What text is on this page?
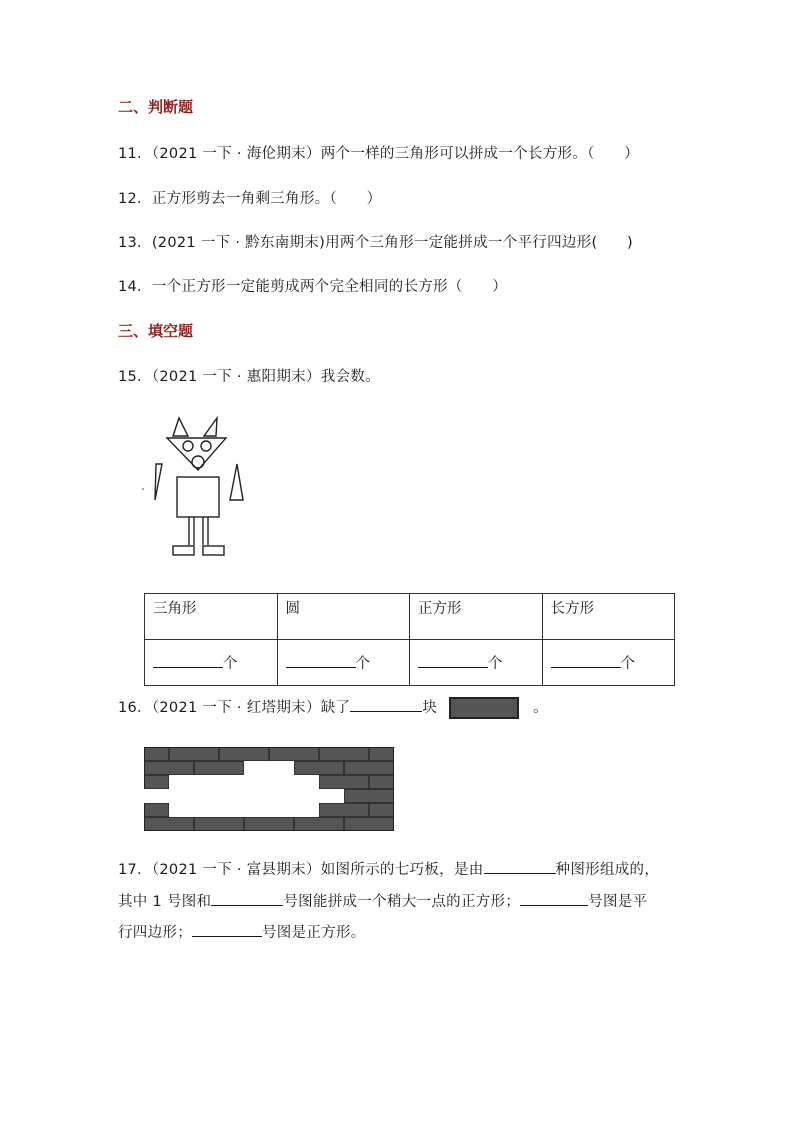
二、判断题
11．（2021 一下 · 海伦期末）两个一样的三角形可以拼成一个长方形。（　　）
12．正方形剪去一角剩三角形。（　　）
13．(2021 一下 · 黔东南期末)用两个三角形一定能拼成一个平行四边形(　　)
14．一个正方形一定能剪成两个完全相同的长方形（　　）
三、填空题
15．（2021 一下 · 惠阳期末）我会数。
三角形	圆	正方形	长方形
个	个	个	个
16．（2021 一下 · 红塔期末）缺了	块	。
17．（2021 一下 · 富县期末）如图所示的七巧板，是由	种图形组成的，
其中 1 号图和	号图能拼成一个稍大一点的正方形；	号图是平
行四边形；	号图是正方形。
